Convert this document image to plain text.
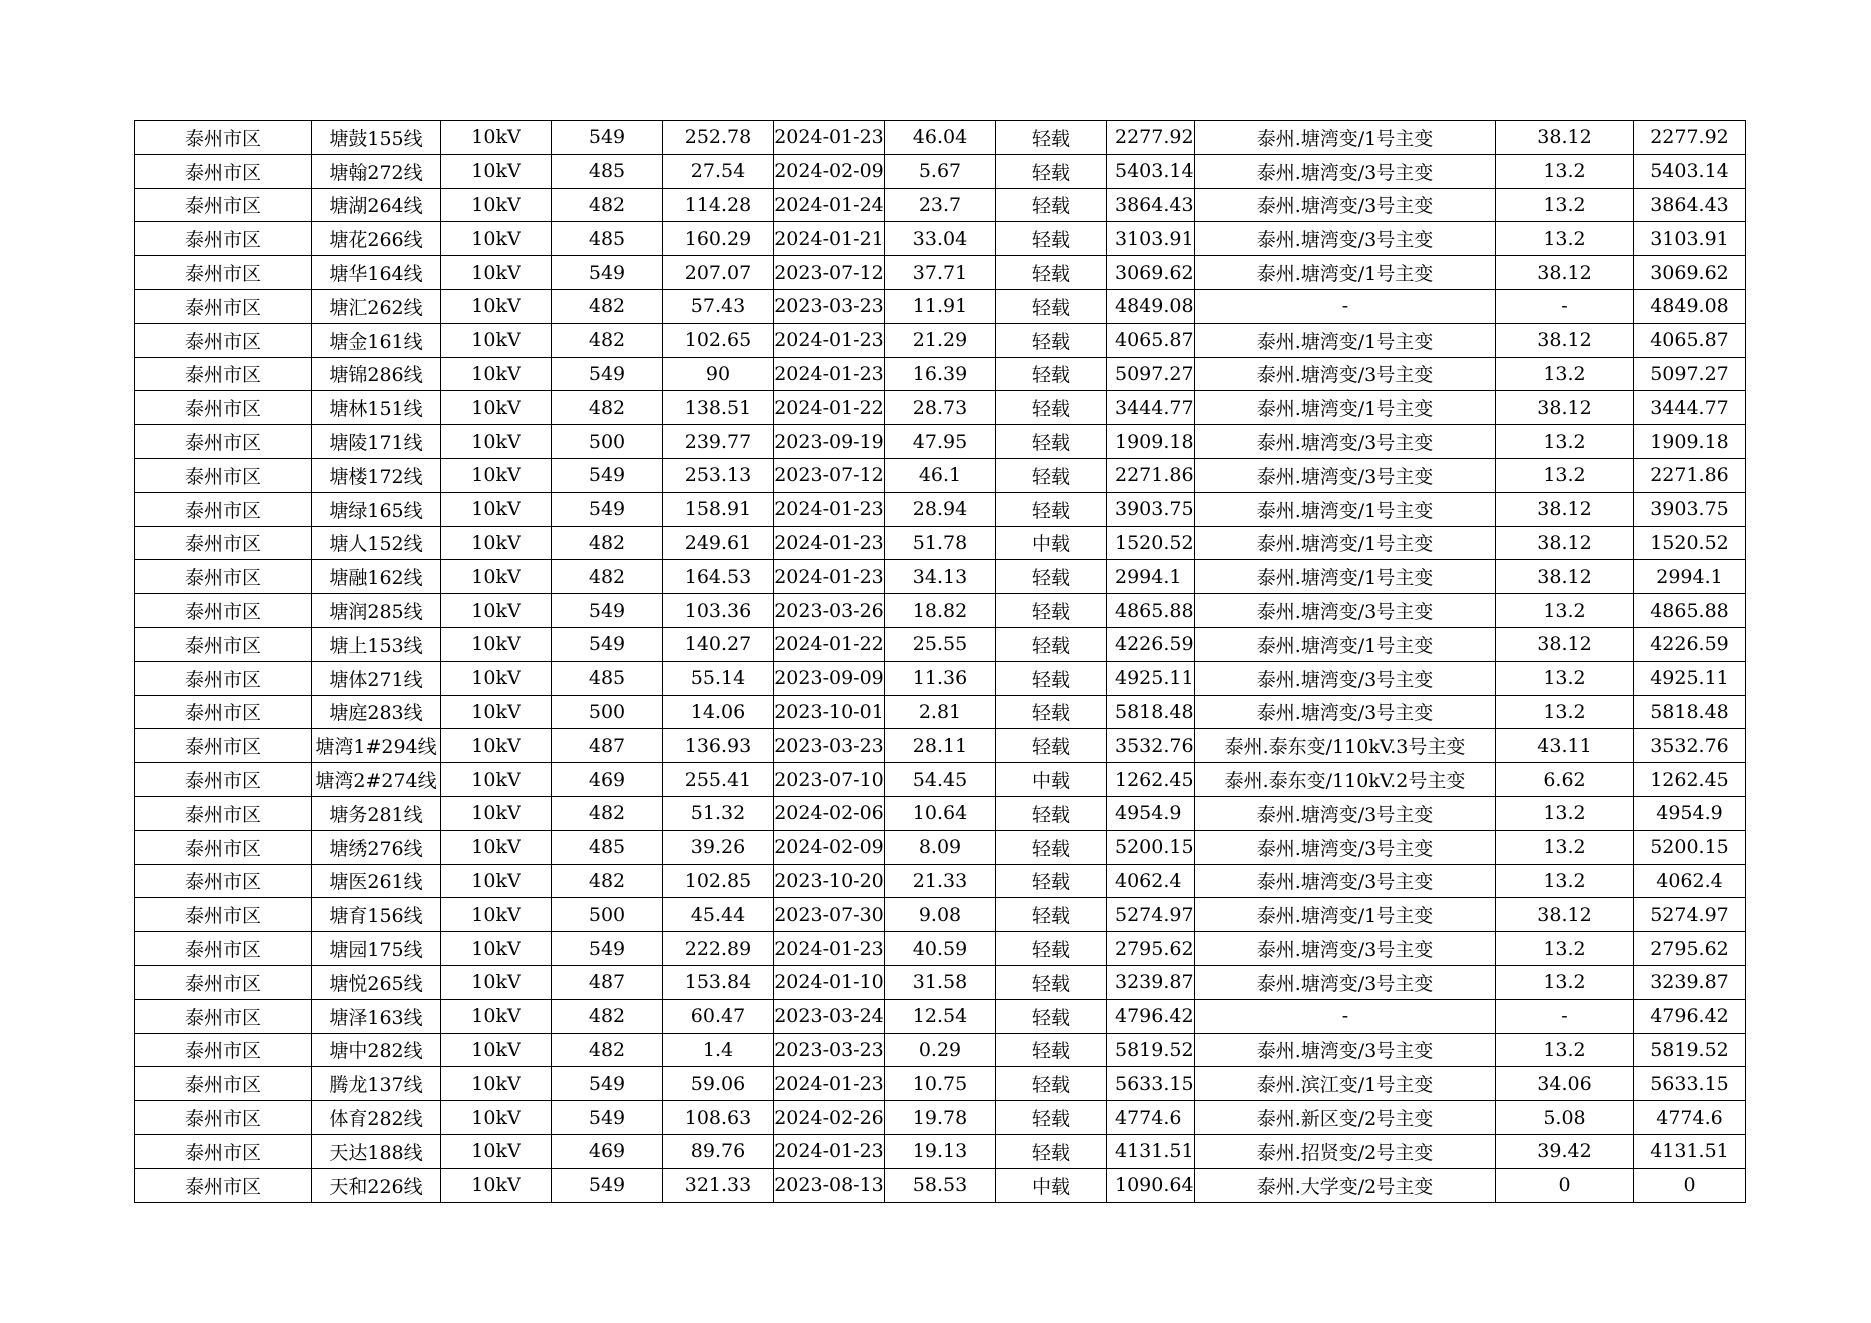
泰州市区	塘鼓155线	10kV	549	252.78	2024-01-23	46.04	轻载	2277.92	泰州.塘湾变/1号主变	38.12	2277.92
泰州市区	塘翰272线	10kV	485	27.54	2024-02-09	5.67	轻载	5403.14	泰州.塘湾变/3号主变	13.2	5403.14
泰州市区	塘湖264线	10kV	482	114.28	2024-01-24	23.7	轻载	3864.43	泰州.塘湾变/3号主变	13.2	3864.43
泰州市区	塘花266线	10kV	485	160.29	2024-01-21	33.04	轻载	3103.91	泰州.塘湾变/3号主变	13.2	3103.91
泰州市区	塘华164线	10kV	549	207.07	2023-07-12	37.71	轻载	3069.62	泰州.塘湾变/1号主变	38.12	3069.62
泰州市区	塘汇262线	10kV	482	57.43	2023-03-23	11.91	轻载	4849.08	-	-	4849.08
泰州市区	塘金161线	10kV	482	102.65	2024-01-23	21.29	轻载	4065.87	泰州.塘湾变/1号主变	38.12	4065.87
泰州市区	塘锦286线	10kV	549	90	2024-01-23	16.39	轻载	5097.27	泰州.塘湾变/3号主变	13.2	5097.27
泰州市区	塘林151线	10kV	482	138.51	2024-01-22	28.73	轻载	3444.77	泰州.塘湾变/1号主变	38.12	3444.77
泰州市区	塘陵171线	10kV	500	239.77	2023-09-19	47.95	轻载	1909.18	泰州.塘湾变/3号主变	13.2	1909.18
泰州市区	塘楼172线	10kV	549	253.13	2023-07-12	46.1	轻载	2271.86	泰州.塘湾变/3号主变	13.2	2271.86
泰州市区	塘绿165线	10kV	549	158.91	2024-01-23	28.94	轻载	3903.75	泰州.塘湾变/1号主变	38.12	3903.75
泰州市区	塘人152线	10kV	482	249.61	2024-01-23	51.78	中载	1520.52	泰州.塘湾变/1号主变	38.12	1520.52
泰州市区	塘融162线	10kV	482	164.53	2024-01-23	34.13	轻载	2994.1	泰州.塘湾变/1号主变	38.12	2994.1
泰州市区	塘润285线	10kV	549	103.36	2023-03-26	18.82	轻载	4865.88	泰州.塘湾变/3号主变	13.2	4865.88
泰州市区	塘上153线	10kV	549	140.27	2024-01-22	25.55	轻载	4226.59	泰州.塘湾变/1号主变	38.12	4226.59
泰州市区	塘体271线	10kV	485	55.14	2023-09-09	11.36	轻载	4925.11	泰州.塘湾变/3号主变	13.2	4925.11
泰州市区	塘庭283线	10kV	500	14.06	2023-10-01	2.81	轻载	5818.48	泰州.塘湾变/3号主变	13.2	5818.48
泰州市区	塘湾1#294线	10kV	487	136.93	2023-03-23	28.11	轻载	3532.76	泰州.泰东变/110kV.3号主变	43.11	3532.76
泰州市区	塘湾2#274线	10kV	469	255.41	2023-07-10	54.45	中载	1262.45	泰州.泰东变/110kV.2号主变	6.62	1262.45
泰州市区	塘务281线	10kV	482	51.32	2024-02-06	10.64	轻载	4954.9	泰州.塘湾变/3号主变	13.2	4954.9
泰州市区	塘绣276线	10kV	485	39.26	2024-02-09	8.09	轻载	5200.15	泰州.塘湾变/3号主变	13.2	5200.15
泰州市区	塘医261线	10kV	482	102.85	2023-10-20	21.33	轻载	4062.4	泰州.塘湾变/3号主变	13.2	4062.4
泰州市区	塘育156线	10kV	500	45.44	2023-07-30	9.08	轻载	5274.97	泰州.塘湾变/1号主变	38.12	5274.97
泰州市区	塘园175线	10kV	549	222.89	2024-01-23	40.59	轻载	2795.62	泰州.塘湾变/3号主变	13.2	2795.62
泰州市区	塘悦265线	10kV	487	153.84	2024-01-10	31.58	轻载	3239.87	泰州.塘湾变/3号主变	13.2	3239.87
泰州市区	塘泽163线	10kV	482	60.47	2023-03-24	12.54	轻载	4796.42	-	-	4796.42
泰州市区	塘中282线	10kV	482	1.4	2023-03-23	0.29	轻载	5819.52	泰州.塘湾变/3号主变	13.2	5819.52
泰州市区	腾龙137线	10kV	549	59.06	2024-01-23	10.75	轻载	5633.15	泰州.滨江变/1号主变	34.06	5633.15
泰州市区	体育282线	10kV	549	108.63	2024-02-26	19.78	轻载	4774.6	泰州.新区变/2号主变	5.08	4774.6
泰州市区	天达188线	10kV	469	89.76	2024-01-23	19.13	轻载	4131.51	泰州.招贤变/2号主变	39.42	4131.51
泰州市区	天和226线	10kV	549	321.33	2023-08-13	58.53	中载	1090.64	泰州.大学变/2号主变	0	0
